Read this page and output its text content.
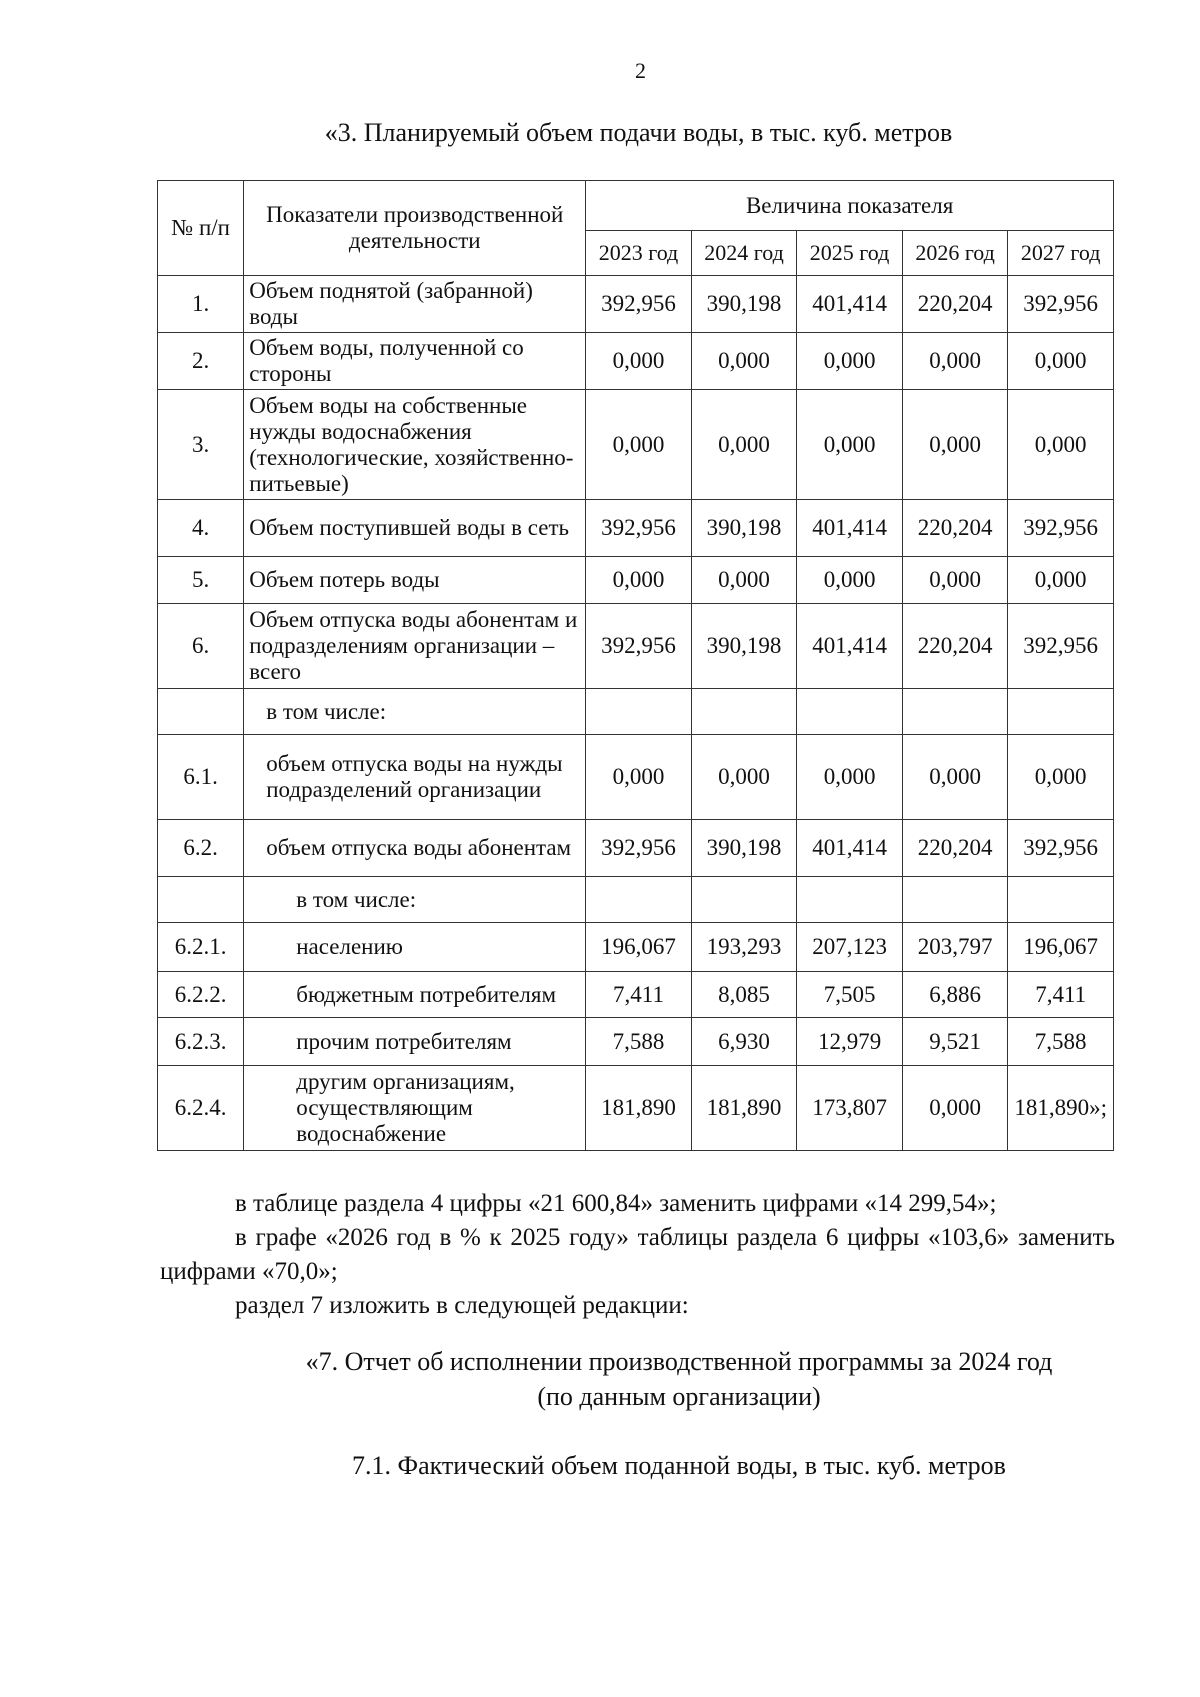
2
«3. Планируемый объем подачи воды, в тыс. куб. метров
№ п/п	Показатели производственной деятельности	Величина показателя				
		2023 год	2024 год	2025 год	2026 год	2027 год
1.	Объем поднятой (забранной) воды	392,956	390,198	401,414	220,204	392,956
2.	Объем воды, полученной со стороны	0,000	0,000	0,000	0,000	0,000
3.	Объем воды на собственные нужды водоснабжения (технологические, хозяйственно-питьевые)	0,000	0,000	0,000	0,000	0,000
4.	Объем поступившей воды в сеть	392,956	390,198	401,414	220,204	392,956
5.	Объем потерь воды	0,000	0,000	0,000	0,000	0,000
6.	Объем отпуска воды абонентам и подразделениям организации – всего	392,956	390,198	401,414	220,204	392,956
	в том числе:					
6.1.	объем отпуска воды на нужды подразделений организации	0,000	0,000	0,000	0,000	0,000
6.2.	объем отпуска воды абонентам	392,956	390,198	401,414	220,204	392,956
	в том числе:					
6.2.1.	населению	196,067	193,293	207,123	203,797	196,067
6.2.2.	бюджетным потребителям	7,411	8,085	7,505	6,886	7,411
6.2.3.	прочим потребителям	7,588	6,930	12,979	9,521	7,588
6.2.4.	другим организациям, осуществляющим водоснабжение	181,890	181,890	173,807	0,000	181,890»;

в таблице раздела 4 цифры «21 600,84» заменить цифрами «14 299,54»;

в графе «2026 год в % к 2025 году» таблицы раздела 6 цифры «103,6» заменить цифрами «70,0»;

раздел 7 изложить в следующей редакции:

«7. Отчет об исполнении производственной программы за 2024 год
(по данным организации)
7.1. Фактический объем поданной воды, в тыс. куб. метров
